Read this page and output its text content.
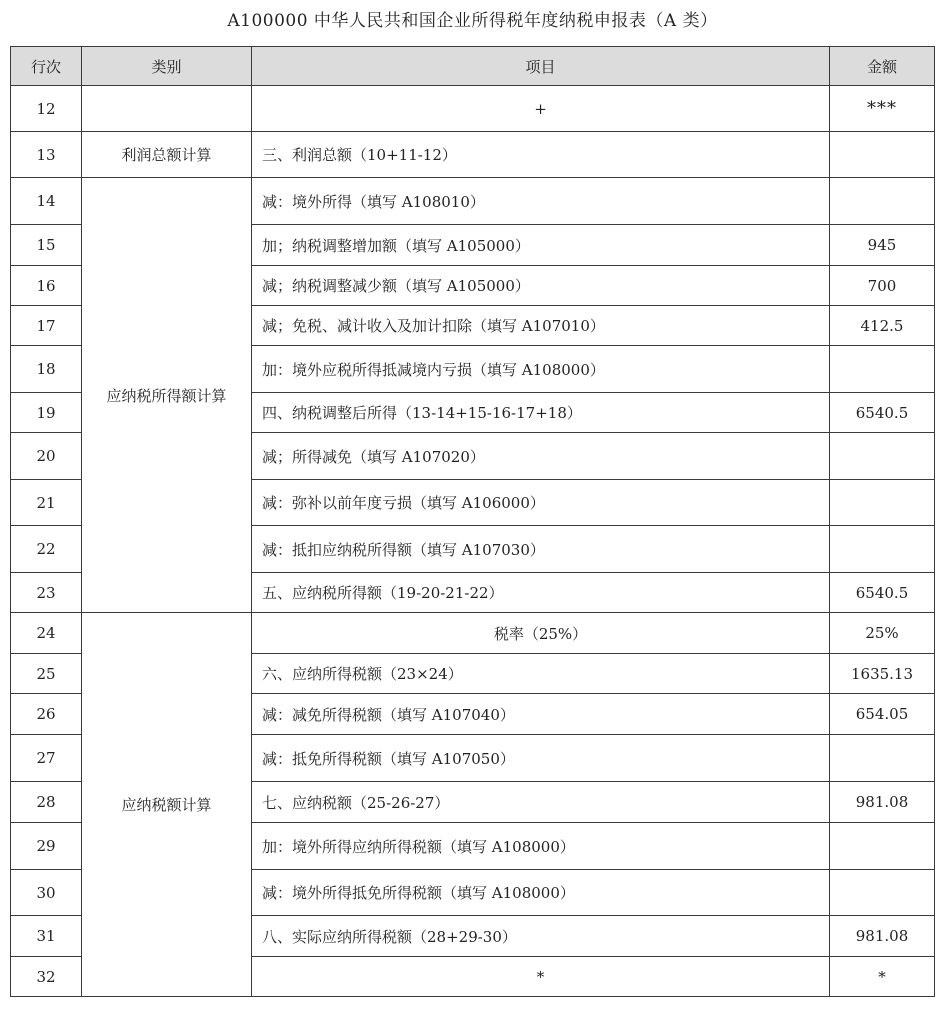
A100000 中华人民共和国企业所得税年度纳税申报表（A 类）
行次	类别	项目	金额
12		+	***
13	利润总额计算	三、利润总额（10+11-12）	
14	应纳税所得额计算	减：境外所得（填写 A108010）	
15		加；纳税调整增加额（填写 A105000）	945
16		减；纳税调整减少额（填写 A105000）	700
17		减；免税、减计收入及加计扣除（填写 A107010）	412.5
18		加：境外应税所得抵减境内亏损（填写 A108000）	
19		四、纳税调整后所得（13-14+15-16-17+18）	6540.5
20		减；所得减免（填写 A107020）	
21		减：弥补以前年度亏损（填写 A106000）	
22		减：抵扣应纳税所得额（填写 A107030）	
23		五、应纳税所得额（19-20-21-22）	6540.5
24	应纳税额计算	税率（25%）	25%
25		六、应纳所得税额（23×24）	1635.13
26		减：减免所得税额（填写 A107040）	654.05
27		减：抵免所得税额（填写 A107050）	
28		七、应纳税额（25-26-27）	981.08
29		加：境外所得应纳所得税额（填写 A108000）	
30		减：境外所得抵免所得税额（填写 A108000）	
31		八、实际应纳所得税额（28+29-30）	981.08
32		*	*
